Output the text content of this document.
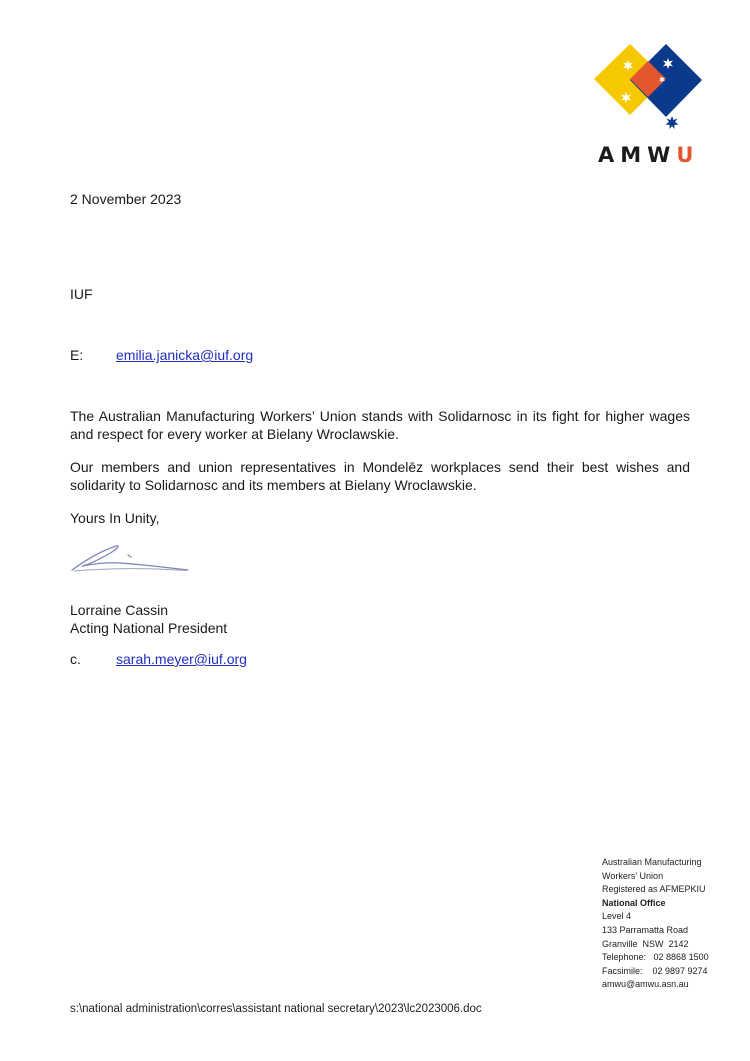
AMWU
2 November 2023
IUF
E: emilia.janicka@iuf.org
The Australian Manufacturing Workers’ Union stands with Solidarnosc in its fight for higher wages and respect for every worker at Bielany Wroclawskie.
Our members and union representatives in Mondelēz workplaces send their best wishes and solidarity to Solidarnosc and its members at Bielany Wroclawskie.
Yours In Unity,
Lorraine Cassin
Acting National President
c.	sarah.meyer@iuf.org
Australian Manufacturing
Workers' Union
Registered as AFMEPKIU
National Office
Level 4
133 Parramatta Road
Granville  NSW  2142
Telephone:   02 8868 1500
Facsimile:    02 9897 9274
amwu@amwu.asn.au
s:\national administration\corres\assistant national secretary\2023\lc2023006.doc
